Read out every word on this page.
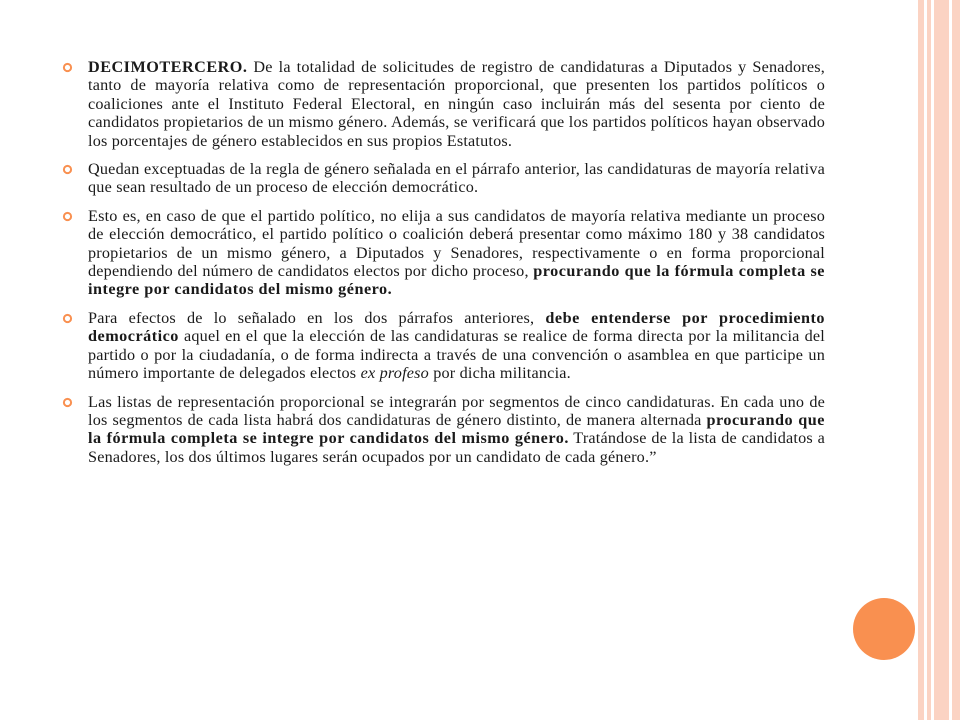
DECIMOTERCERO. De la totalidad de solicitudes de registro de candidaturas a Diputados y Senadores, tanto de mayoría relativa como de representación proporcional, que presenten los partidos políticos o coaliciones ante el Instituto Federal Electoral, en ningún caso incluirán más del sesenta por ciento de candidatos propietarios de un mismo género. Además, se verificará que los partidos políticos hayan observado los porcentajes de género establecidos en sus propios Estatutos.
Quedan exceptuadas de la regla de género señalada en el párrafo anterior, las candidaturas de mayoría relativa que sean resultado de un proceso de elección democrático.
Esto es, en caso de que el partido político, no elija a sus candidatos de mayoría relativa mediante un proceso de elección democrático, el partido político o coalición deberá presentar como máximo 180 y 38 candidatos propietarios de un mismo género, a Diputados y Senadores, respectivamente o en forma proporcional dependiendo del número de candidatos electos por dicho proceso, procurando que la fórmula completa se integre por candidatos del mismo género.
Para efectos de lo señalado en los dos párrafos anteriores, debe entenderse por procedimiento democrático aquel en el que la elección de las candidaturas se realice de forma directa por la militancia del partido o por la ciudadanía, o de forma indirecta a través de una convención o asamblea en que participe un número importante de delegados electos ex profeso por dicha militancia.
Las listas de representación proporcional se integrarán por segmentos de cinco candidaturas. En cada uno de los segmentos de cada lista habrá dos candidaturas de género distinto, de manera alternada procurando que la fórmula completa se integre por candidatos del mismo género. Tratándose de la lista de candidatos a Senadores, los dos últimos lugares serán ocupados por un candidato de cada género.”
